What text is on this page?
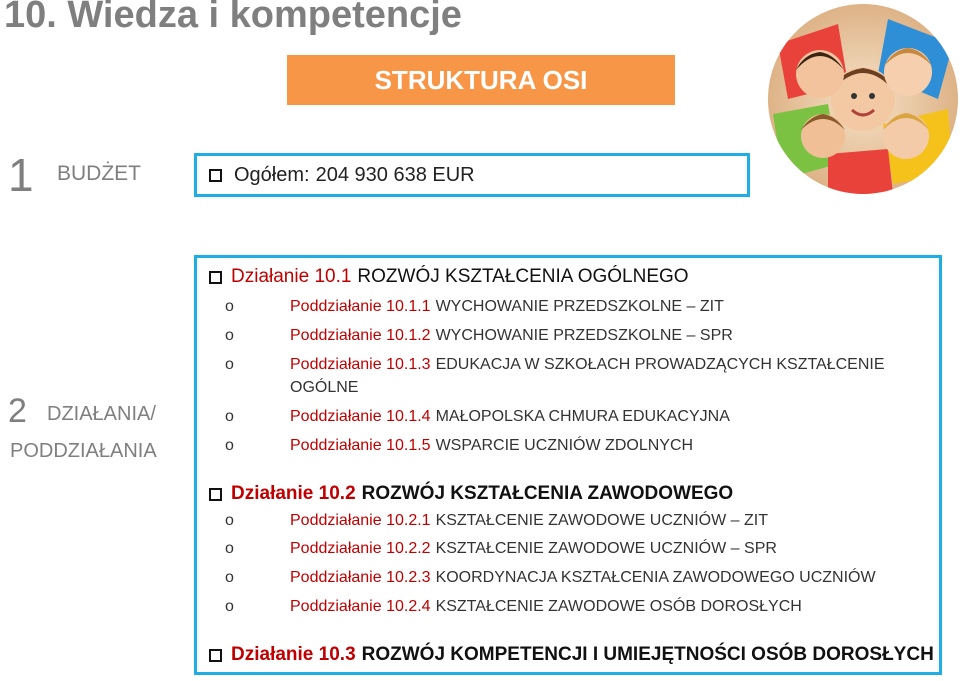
10. Wiedza i kompetencje
STRUKTURA OSI
1 BUDŻET	Ogółem: 204 930 638 EUR
2 DZIAŁANIA/
PODDZIAŁANIA
Działanie
10.1 ROZWÓJ KSZTAŁCENIA OGÓLNEGO
o	Poddziałanie 10.1.1 WYCHOWANIE PRZEDSZKOLNE – ZIT
o	Poddziałanie 10.1.2 WYCHOWANIE PRZEDSZKOLNE – SPR
o	Poddziałanie 10.1.3 EDUKACJA W SZKOŁACH PROWADZĄCYCH KSZTAŁCENIE
OGÓLNE
o	Poddziałanie 10.1.4 MAŁOPOLSKA CHMURA EDUKACYJNA
o	Poddziałanie 10.1.5 WSPARCIE UCZNIÓW ZDOLNYCH
Działanie
10.2 ROZWÓJ KSZTAŁCENIA ZAWODOWEGO
o	Poddziałanie 10.2.1 KSZTAŁCENIE ZAWODOWE UCZNIÓW – ZIT
o	Poddziałanie 10.2.2 KSZTAŁCENIE ZAWODOWE UCZNIÓW – SPR
o	Poddziałanie 10.2.3 KOORDYNACJA KSZTAŁCENIA ZAWODOWEGO UCZNIÓW
o	Poddziałanie 10.2.4 KSZTAŁCENIE ZAWODOWE OSÓB DOROSŁYCH
Działanie
10.3 ROZWÓJ KOMPETENCJI I UMIEJĘTNOŚCI OSÓB DOROSŁYCH
